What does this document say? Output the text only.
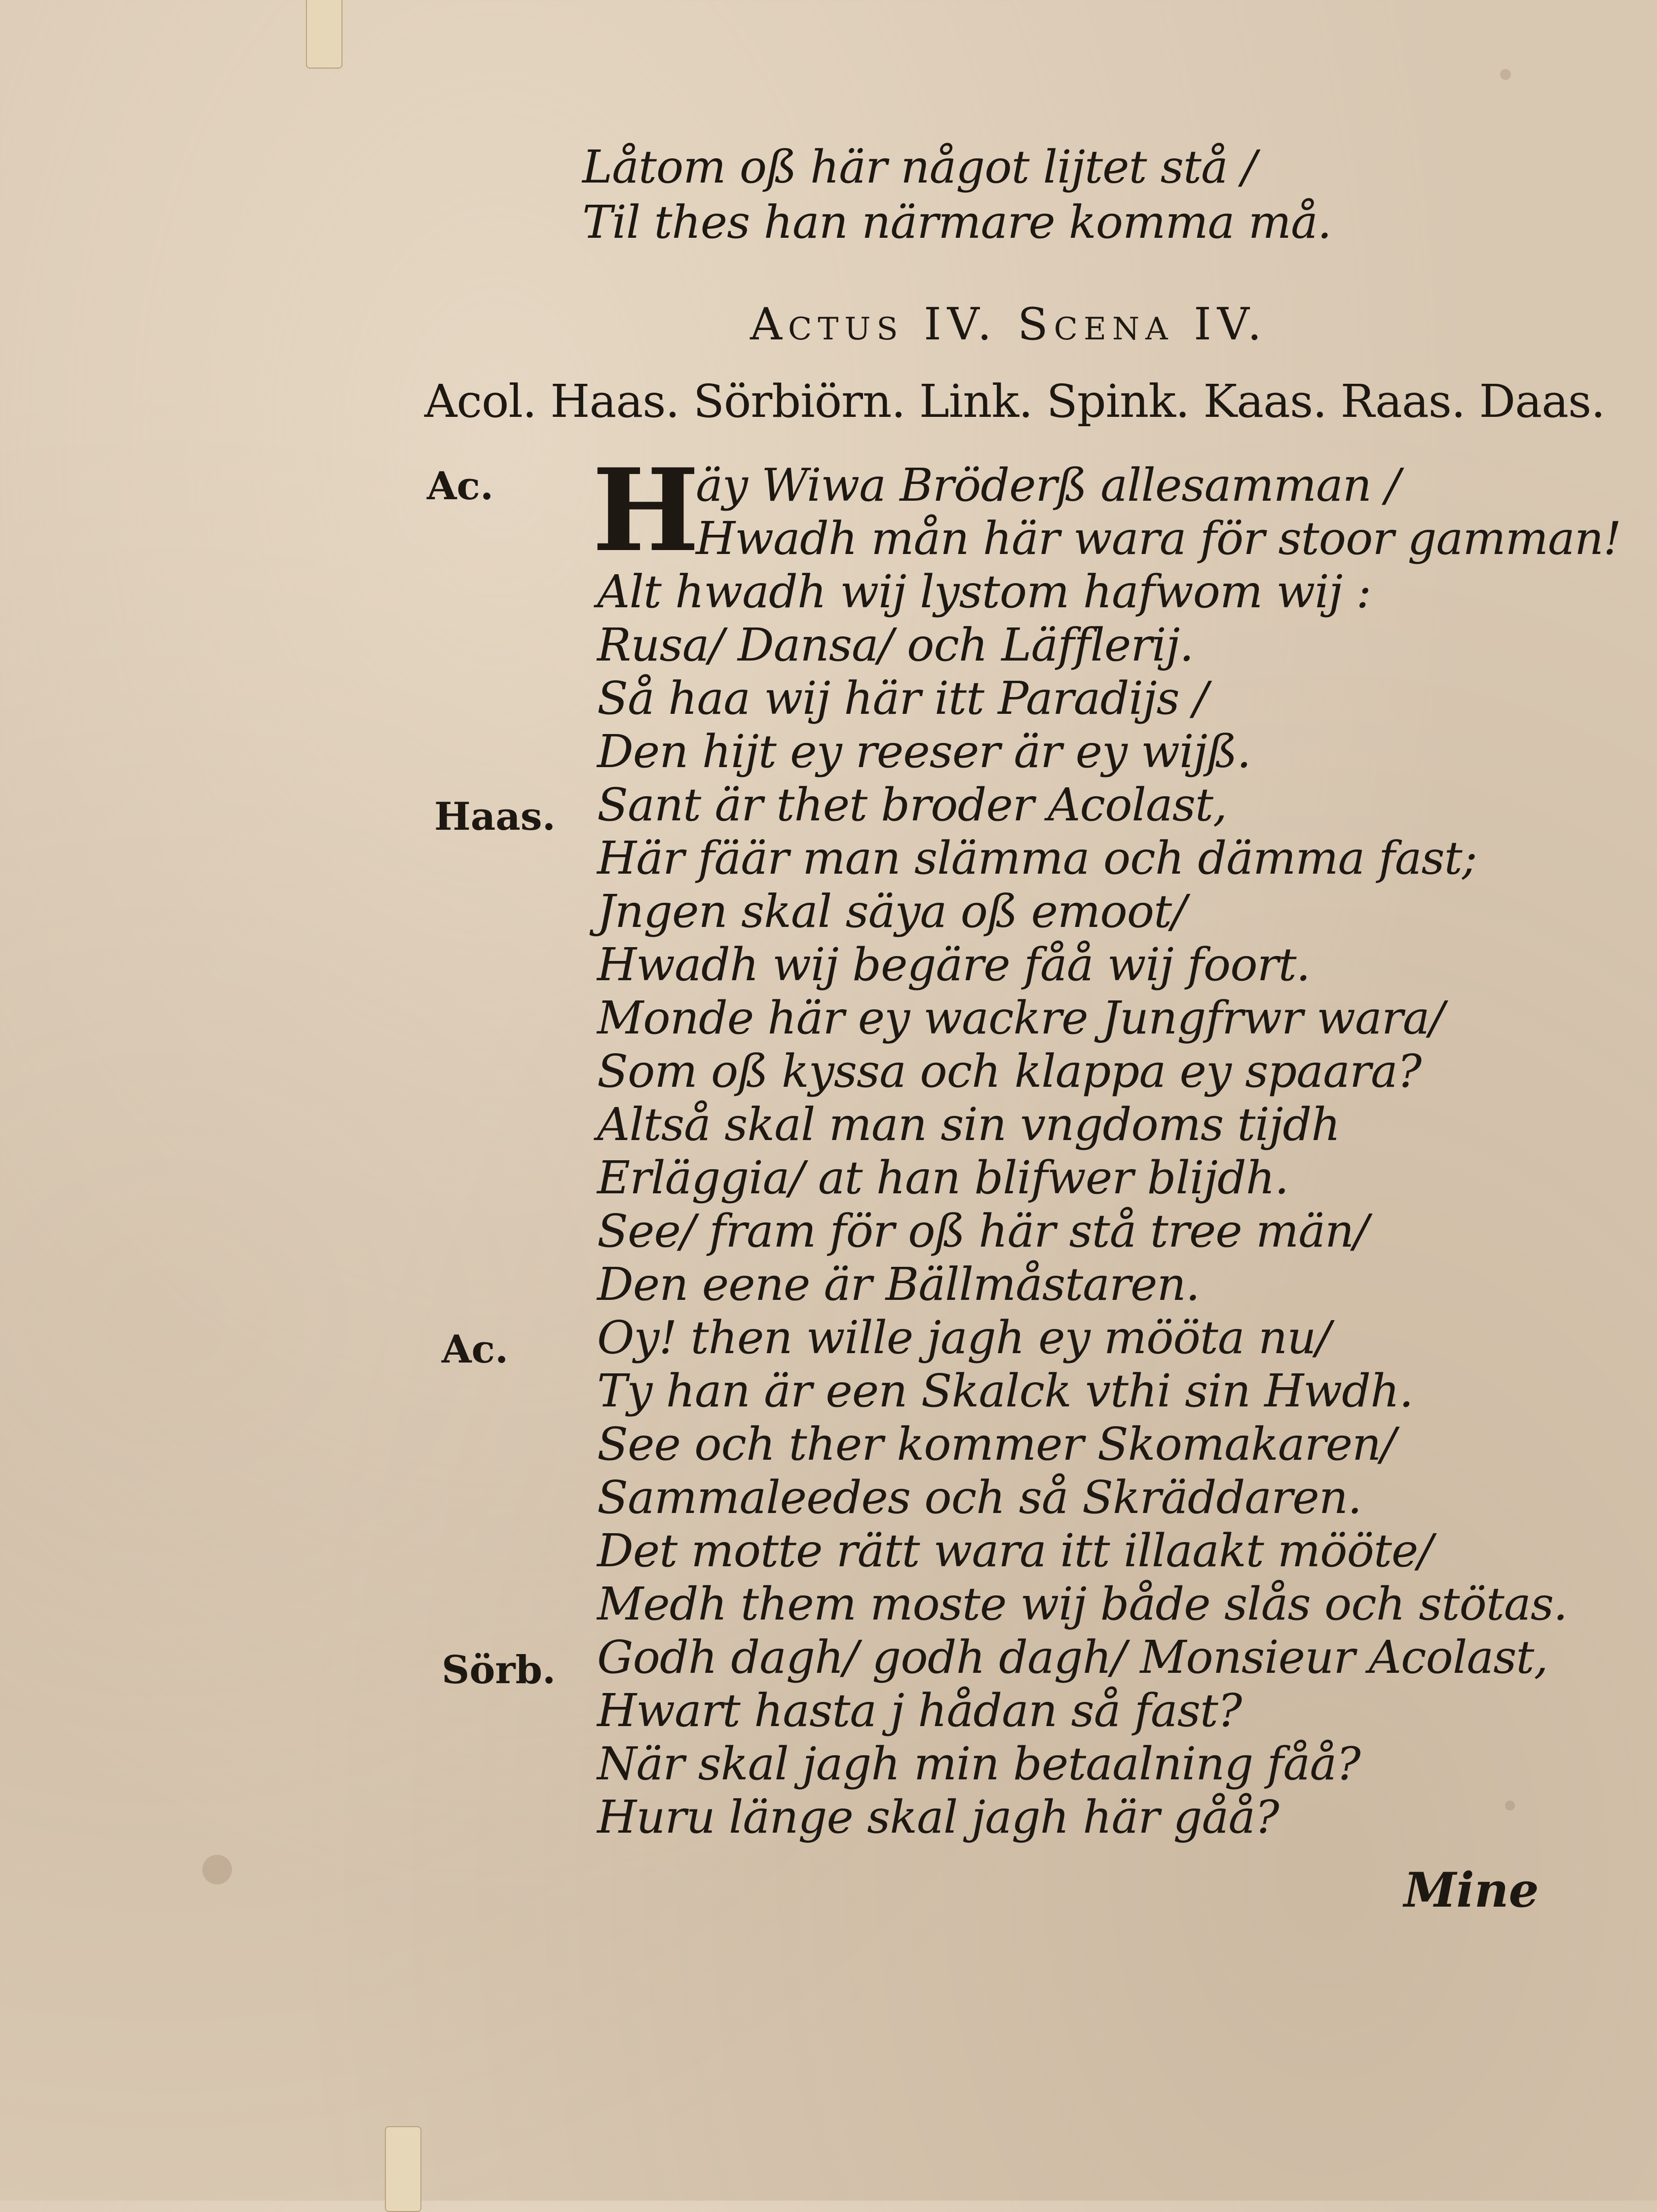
Låtom oß här något lijtet stå /
Til thes han närmare komma må.
Actus IV. Scena IV.
Acol. Haas. Sörbiörn. Link. Spink. Kaas. Raas. Daas.
Ac.
Haas.
Ac.
Sörb.
H
äy Wiwa Bröderß allesamman /
Hwadh mån här wara för stoor gamman!
Alt hwadh wij lystom hafwom wij :
Rusa/ Dansa/ och Läfflerij.
Så haa wij här itt Paradijs /
Den hijt ey reeser är ey wijß.
Sant är thet broder Acolast,
Här fäär man slämma och dämma fast;
Jngen skal säya oß emoot/
Hwadh wij begäre fåå wij foort.
Monde här ey wackre Jungfrwr wara/
Som oß kyssa och klappa ey spaara?
Altså skal man sin vngdoms tijdh
Erläggia/ at han blifwer blijdh.
See/ fram för oß här stå tree män/
Den eene är Bällmåstaren.
Oy! then wille jagh ey mööta nu/
Ty han är een Skalck vthi sin Hwdh.
See och ther kommer Skomakaren/
Sammaleedes och så Skräddaren.
Det motte rätt wara itt illaakt mööte/
Medh them moste wij både slås och stötas.
Godh dagh/ godh dagh/ Monsieur Acolast,
Hwart hasta j hådan så fast?
När skal jagh min betaalning fåå?
Huru länge skal jagh här gåå?
Mine
